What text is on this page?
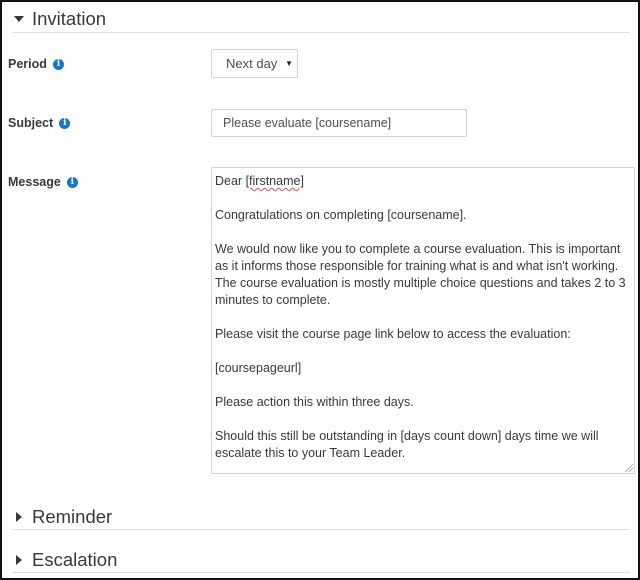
Invitation
Period	i	Next day ▼
Subject	i	Please evaluate [coursename]
Message	i	Dear [firstname]

Congratulations on completing [coursename].

We would now like you to complete a course evaluation. This is important as it informs those responsible for training what is and what isn't working. The course evaluation is mostly multiple choice questions and takes 2 to 3 minutes to complete.

Please visit the course page link below to access the evaluation:

[coursepageurl]

Please action this within three days.

Should this still be outstanding in [days count down] days time we will escalate this to your Team Leader.

Reminder
Escalation
